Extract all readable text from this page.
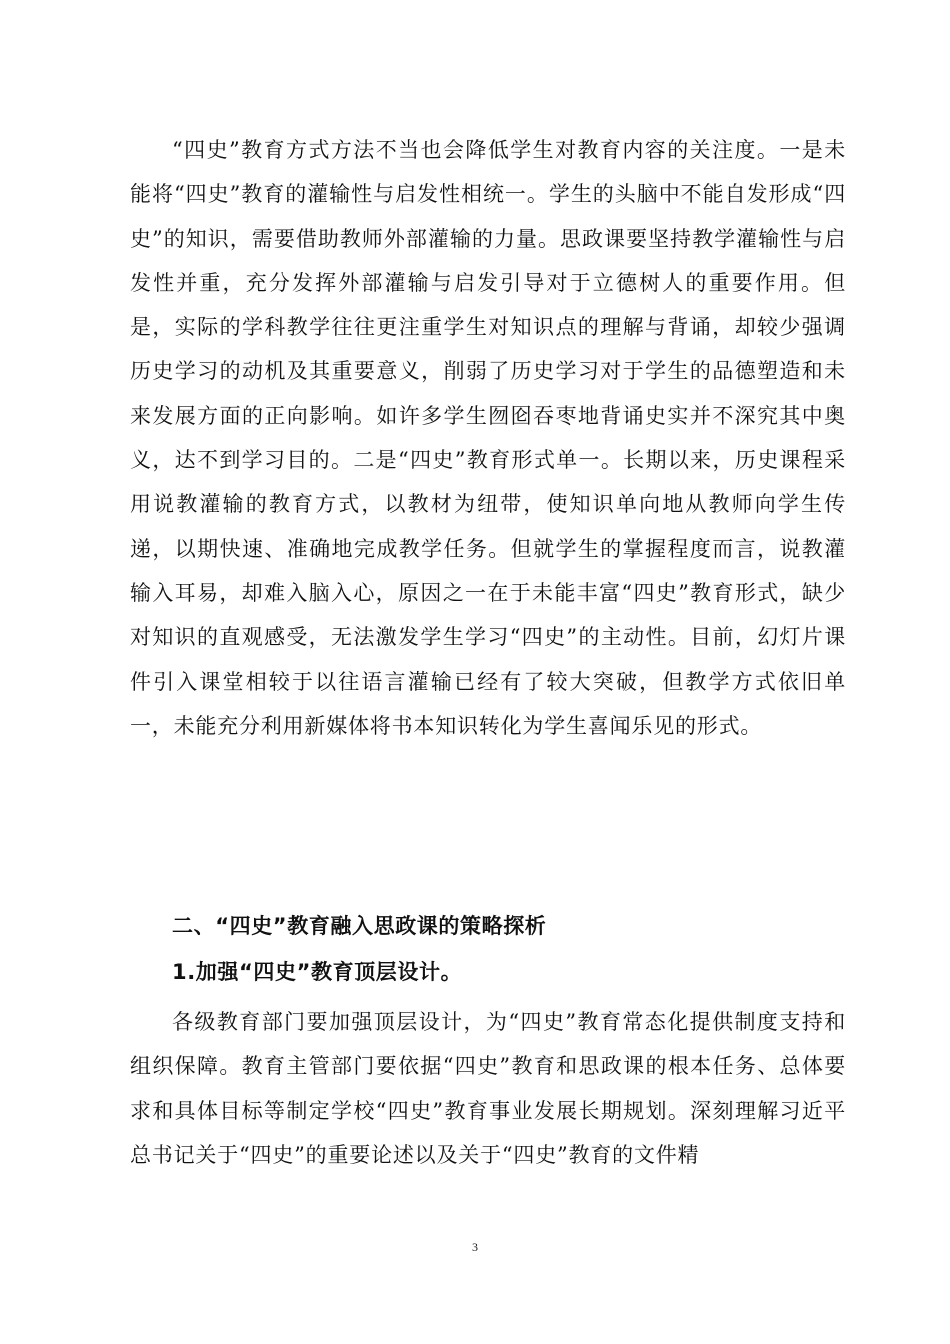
“四史”教育方式方法不当也会降低学生对教育内容的关注度。一是未能将“四史”教育的灌输性与启发性相统一。学生的头脑中不能自发形成“四史”的知识，需要借助教师外部灌输的力量。思政课要坚持教学灌输性与启发性并重，充分发挥外部灌输与启发引导对于立德树人的重要作用。但是，实际的学科教学往往更注重学生对知识点的理解与背诵，却较少强调历史学习的动机及其重要意义，削弱了历史学习对于学生的品德塑造和未来发展方面的正向影响。如许多学生囫囵吞枣地背诵史实并不深究其中奥义，达不到学习目的。二是“四史”教育形式单一。长期以来，历史课程采用说教灌输的教育方式，以教材为纽带，使知识单向地从教师向学生传递，以期快速、准确地完成教学任务。但就学生的掌握程度而言，说教灌输入耳易，却难入脑入心，原因之一在于未能丰富“四史”教育形式，缺少对知识的直观感受，无法激发学生学习“四史”的主动性。目前，幻灯片课件引入课堂相较于以往语言灌输已经有了较大突破，但教学方式依旧单一，未能充分利用新媒体将书本知识转化为学生喜闻乐见的形式。

二、“四史”教育融入思政课的策略探析

1.加强“四史”教育顶层设计。

各级教育部门要加强顶层设计，为“四史”教育常态化提供制度支持和组织保障。教育主管部门要依据“四史”教育和思政课的根本任务、总体要求和具体目标等制定学校“四史”教育事业发展长期规划。深刻理解习近平总书记关于“四史”的重要论述以及关于“四史”教育的文件精

3
